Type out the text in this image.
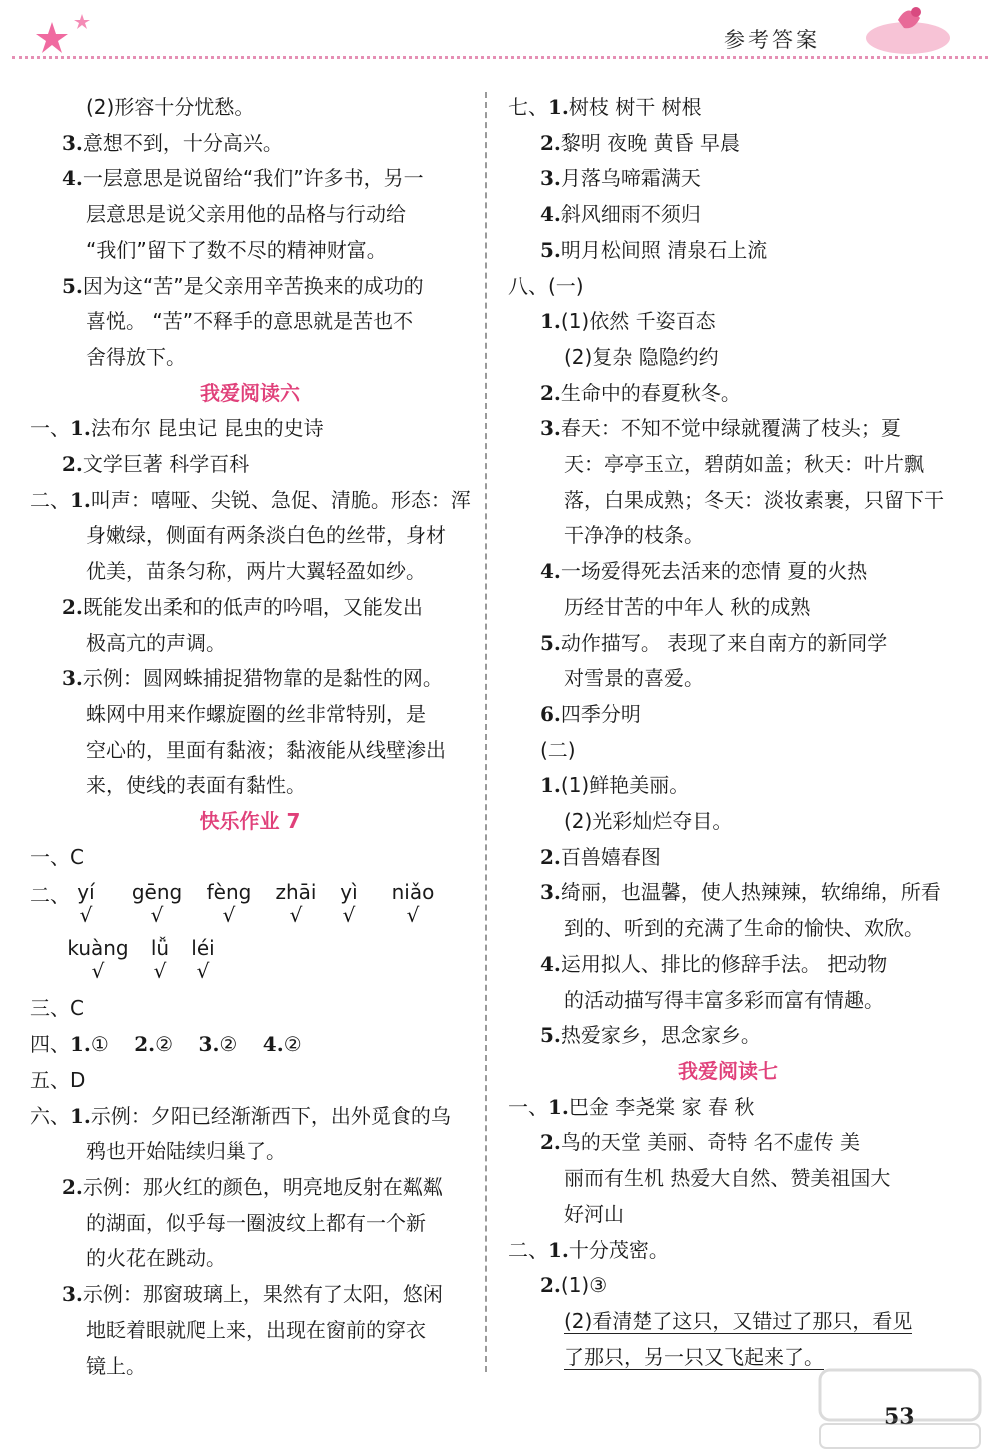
参考答案
(2)形容十分忧愁。
3.意想不到，十分高兴。
4.一层意思是说留给“我们”许多书，另一
层意思是说父亲用他的品格与行动给
“我们”留下了数不尽的精神财富。
5.因为这“苦”是父亲用辛苦换来的成功的
喜悦。 “苦”不释手的意思就是苦也不
舍得放下。
我爱阅读六
一、1.法布尔 昆虫记 昆虫的史诗
2.文学巨著 科学百科
二、1.叫声：嘻哑、尖锐、急促、清脆。形态：浑
身嫩绿，侧面有两条淡白色的丝带，身材
优美，苗条匀称，两片大翼轻盈如纱。
2.既能发出柔和的低声的吟唱，又能发出
极高亢的声调。
3.示例：圆网蛛捕捉猎物靠的是黏性的网。
蛛网中用来作螺旋圈的丝非常特别，是
空心的，里面有黏液；黏液能从线壁渗出
来，使线的表面有黏性。
快乐作业 7
一、C
二、 yí	gēng	fèng	zhāi	yì	niǎo
√	√	√	√	√	√
kuàng	lǚ	léi
√	√	√
三、C
四、1.① 2.② 3.② 4.②
五、D
六、1.示例：夕阳已经渐渐西下，出外觅食的乌
鸦也开始陆续归巢了。
2.示例：那火红的颜色，明亮地反射在粼粼
的湖面，似乎每一圈波纹上都有一个新
的火花在跳动。
3.示例：那窗玻璃上，果然有了太阳，悠闲
地眨着眼就爬上来，出现在窗前的穿衣
镜上。
七、1.树枝 树干 树根
2.黎明 夜晚 黄昏 早晨
3.月落乌啼霜满天
4.斜风细雨不须归
5.明月松间照 清泉石上流
八、(一)
1.(1)依然 千姿百态
(2)复杂 隐隐约约
2.生命中的春夏秋冬。
3.春天：不知不觉中绿就覆满了枝头；夏
天：亭亭玉立，碧荫如盖；秋天：叶片飘
落，白果成熟；冬天：淡妆素裹，只留下干
干净净的枝条。
4.一场爱得死去活来的恋情 夏的火热
历经甘苦的中年人 秋的成熟
5.动作描写。 表现了来自南方的新同学
对雪景的喜爱。
6.四季分明
(二)
1.(1)鲜艳美丽。
(2)光彩灿烂夺目。
2.百兽嬉春图
3.绮丽，也温馨，使人热辣辣，软绵绵，所看
到的、听到的充满了生命的愉快、欢欣。
4.运用拟人、排比的修辞手法。 把动物
的活动描写得丰富多彩而富有情趣。
5.热爱家乡，思念家乡。
我爱阅读七
一、1.巴金 李尧棠 家 春 秋
2.鸟的天堂 美丽、奇特 名不虚传 美
丽而有生机 热爱大自然、赞美祖国大
好河山
二、1.十分茂密。
2.(1)③
(2)看清楚了这只，又错过了那只，看见
了那只，另一只又飞起来了。
53
